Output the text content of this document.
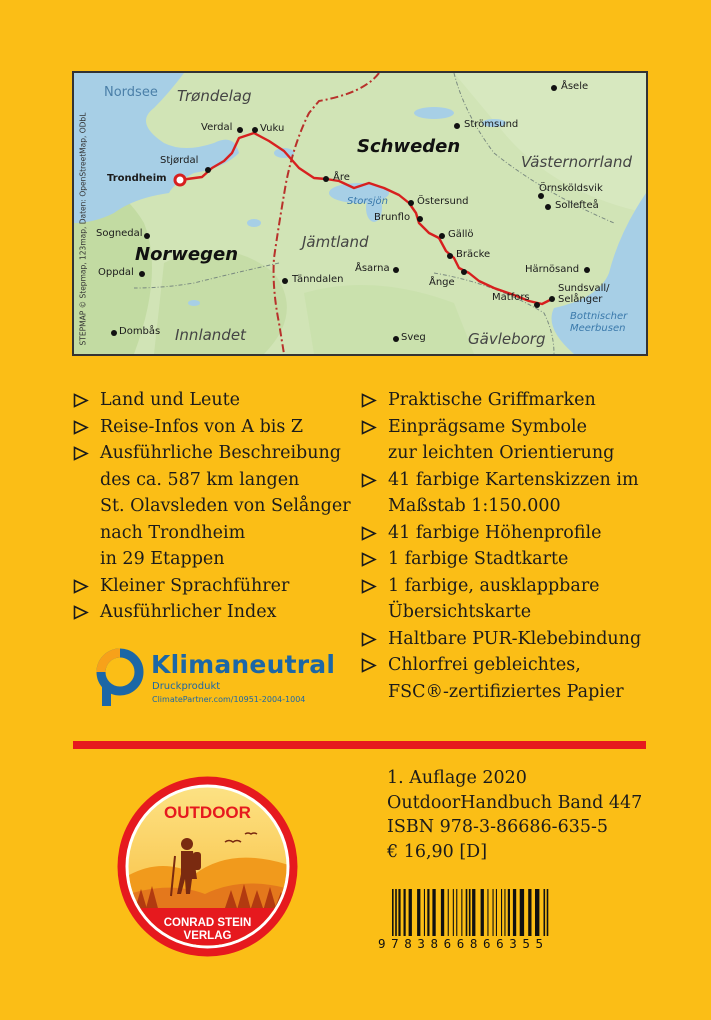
STEPMAP © Stepmap, 123map, Daten: OpenStreetMap, ODbL
Nordsee Trøndelag
Schweden
Västernorrland
Storsjön
Jämtland
Norwegen
Innlandet	Gävleborg
Bottnischer
Meerbusen
Trondheim
Stjørdal
Verdal	Vuku
Åre
Östersund
Brunflo
Gällö
Bräcke
Ånge
Matfors
Sundsvall/
Selånger
Åsele
Strömsund
Örnsköldsvik
Sollefteå
Härnösand
Sognedal
Oppdal
Tänndalen
Åsarna
Dombås
Sveg
Land und Leute
Reise-Infos von A bis Z
Ausführliche Beschreibung
des ca. 587 km langen
St. Olavsleden von Selånger
nach Trondheim
in 29 Etappen
Kleiner Sprachführer
Ausführlicher Index
Praktische Griffmarken
Einprägsame Symbole
zur leichten Orientierung
41 farbige Kartenskizzen im
Maßstab 1:150.000
41 farbige Höhenprofile
1 farbige Stadtkarte
1 farbige, ausklappbare
Übersichtskarte
Haltbare PUR-Klebebindung
Chlorfrei gebleichtes,
FSC®-zertifiziertes Papier
Klimaneutral
Druckprodukt
ClimatePartner.com/10951-2004-1004
1. Auflage 2020
OutdoorHandbuch Band 447
ISBN 978-3-86686-635-5
€ 16,90 [D]
OUTDOOR
CONRAD STEIN
VERLAG	9783866866355
